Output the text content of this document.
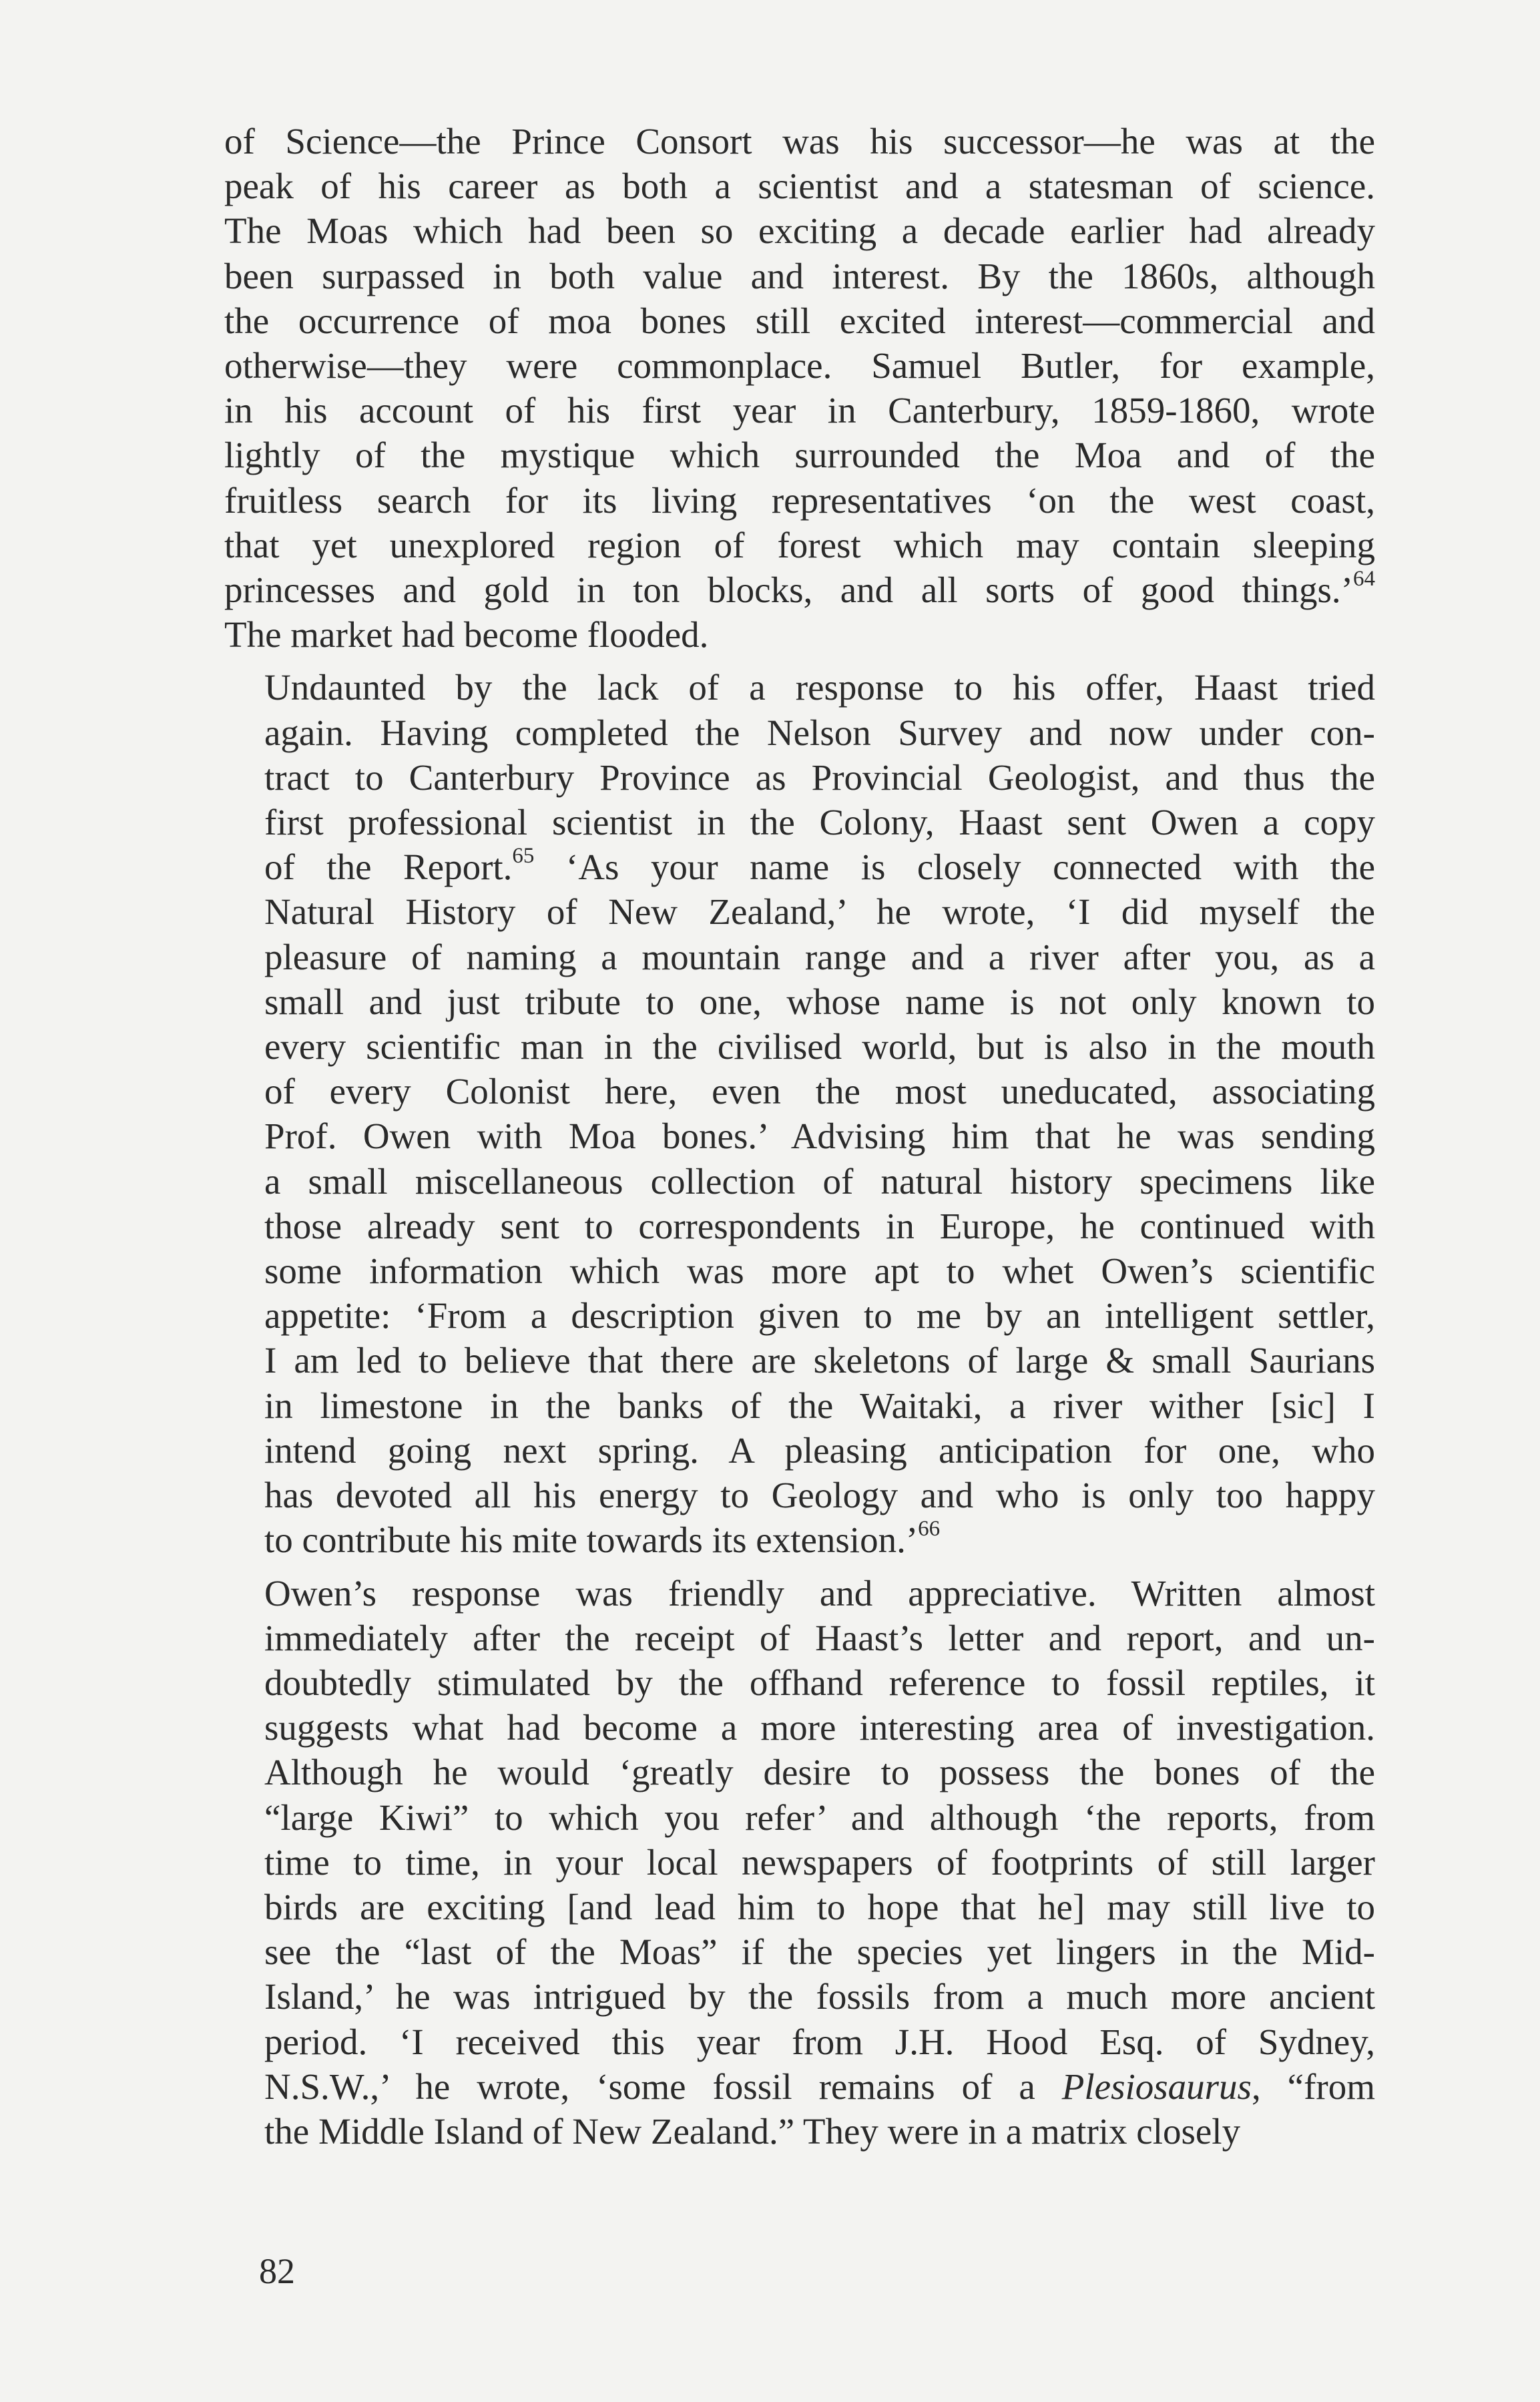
of Science—the Prince Consort was his successor—he was at the
peak of his career as both a scientist and a statesman of science.
The Moas which had been so exciting a decade earlier had already
been surpassed in both value and interest. By the 1860s, although
the occurrence of moa bones still excited interest—commercial and
otherwise—they were commonplace. Samuel Butler, for example,
in his account of his first year in Canterbury, 1859-1860, wrote
lightly of the mystique which surrounded the Moa and of the
fruitless search for its living representatives ‘on the west coast,
that yet unexplored region of forest which may contain sleeping
princesses and gold in ton blocks, and all sorts of good things.’$^{64}$
The market had become flooded.

Undaunted by the lack of a response to his offer, Haast tried
again. Having completed the Nelson Survey and now under con-
tract to Canterbury Province as Provincial Geologist, and thus the
first professional scientist in the Colony, Haast sent Owen a copy
of the Report.$^{65}$ ‘As your name is closely connected with the
Natural History of New Zealand,’ he wrote, ‘I did myself the
pleasure of naming a mountain range and a river after you, as a
small and just tribute to one, whose name is not only known to
every scientific man in the civilised world, but is also in the mouth
of every Colonist here, even the most uneducated, associating
Prof. Owen with Moa bones.’ Advising him that he was sending
a small miscellaneous collection of natural history specimens like
those already sent to correspondents in Europe, he continued with
some information which was more apt to whet Owen’s scientific
appetite: ‘From a description given to me by an intelligent settler,
I am led to believe that there are skeletons of large & small Saurians
in limestone in the banks of the Waitaki, a river wither [sic] I
intend going next spring. A pleasing anticipation for one, who
has devoted all his energy to Geology and who is only too happy
to contribute his mite towards its extension.’$^{66}$

Owen’s response was friendly and appreciative. Written almost
immediately after the receipt of Haast’s letter and report, and un-
doubtedly stimulated by the offhand reference to fossil reptiles, it
suggests what had become a more interesting area of investigation.
Although he would ‘greatly desire to possess the bones of the
“large Kiwi” to which you refer’ and although ‘the reports, from
time to time, in your local newspapers of footprints of still larger
birds are exciting [and lead him to hope that he] may still live to
see the “last of the Moas” if the species yet lingers in the Mid-
Island,’ he was intrigued by the fossils from a much more ancient
period. ‘I received this year from J.H. Hood Esq. of Sydney,
N.S.W.,’ he wrote, ‘some fossil remains of a Plesiosaurus, “from
the Middle Island of New Zealand.” They were in a matrix closely

82
